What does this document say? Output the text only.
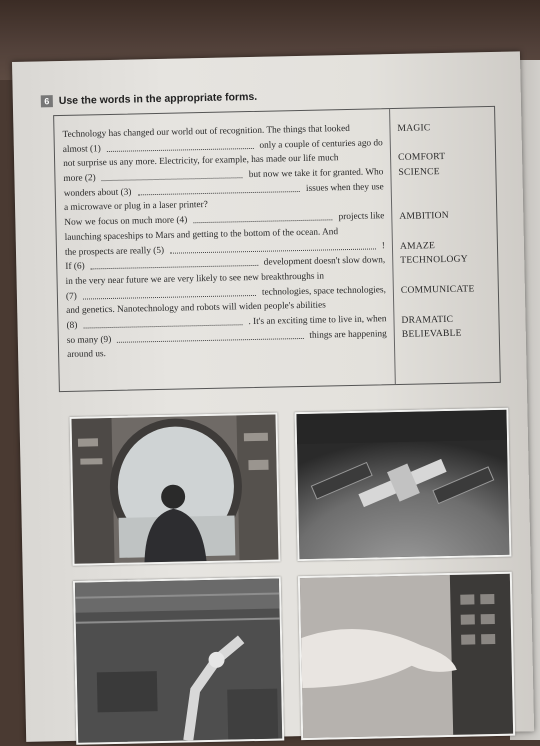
6 Use the words in the appropriate forms.
Technology has changed our world out of recognition. The things that looked
almost (1)	only a couple of centuries ago do
not surprise us any more. Electricity, for example, has made our life much
more (2)	but now we take it for granted. Who
wonders about (3)	issues when they use
a microwave or plug in a laser printer?
Now we focus on much more (4)	projects like
launching spaceships to Mars and getting to the bottom of the ocean. And
the prospects are really (5)	!
If (6)	development doesn't slow down,
in the very near future we are very likely to see new breakthroughs in
(7)	technologies, space technologies,
and genetics. Nanotechnology and robots will widen people's abilities
(8)	. It's an exciting time to live in, when
so many (9)	things are happening
around us.
MAGIC
COMFORT
SCIENCE
AMBITION
AMAZE
TECHNOLOGY
COMMUNICATE
DRAMATIC
BELIEVABLE
